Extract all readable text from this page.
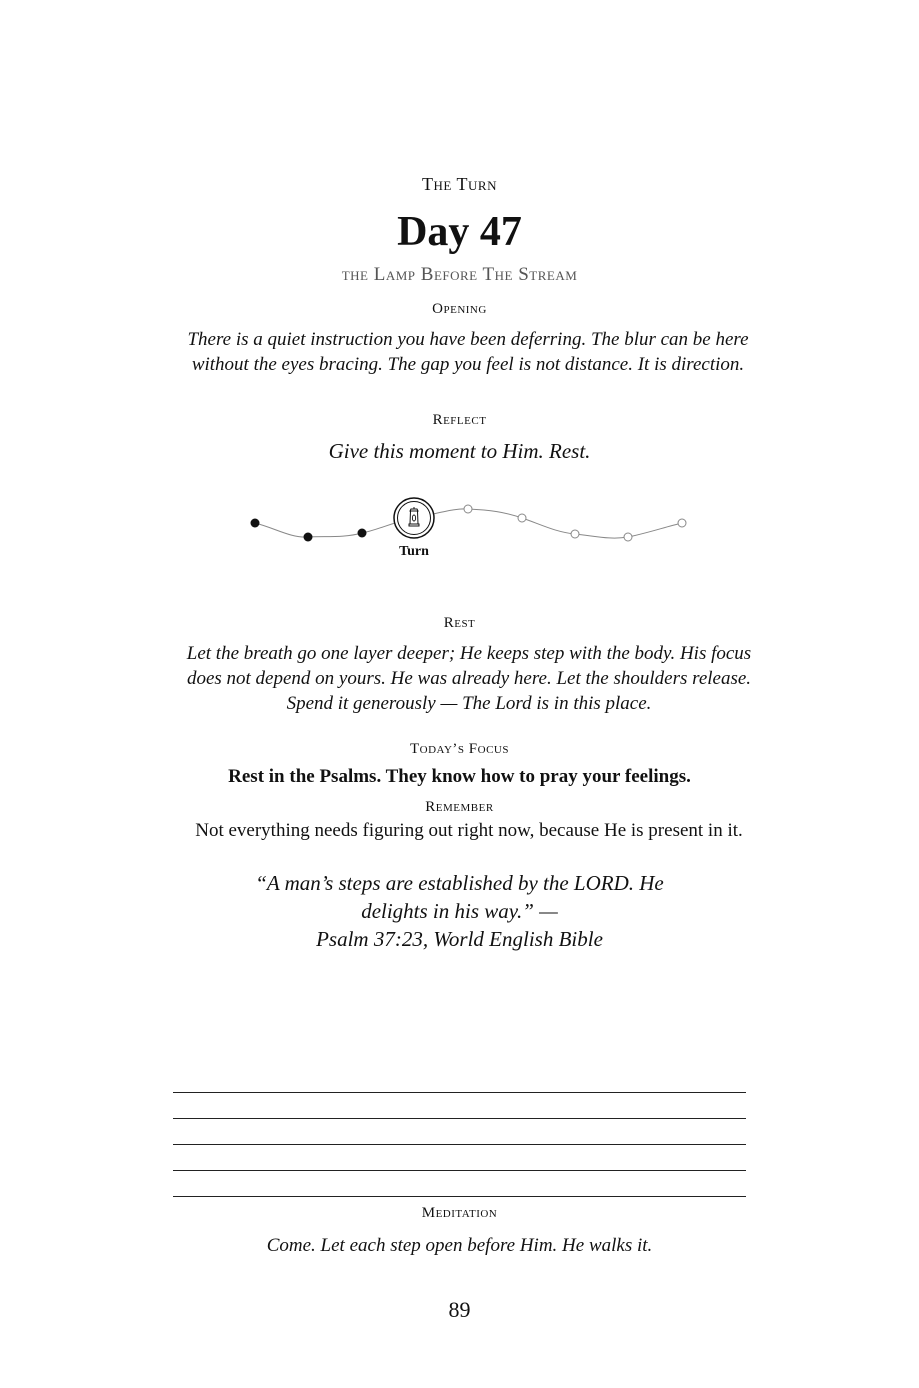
The Turn
Day 47
the Lamp Before The Stream
Opening
There is a quiet instruction you have been deferring. The blur can be here without the eyes bracing. The gap you feel is not distance. It is direction.
Reflect
Give this moment to Him. Rest.
Turn
Rest
Let the breath go one layer deeper; He keeps step with the body. His focus does not depend on yours. He was already here. Let the shoulders release. Spend it generously — The Lord is in this place.
Today’s Focus
Rest in the Psalms. They know how to pray your feelings.
Remember
Not everything needs figuring out right now, because He is present in it.
“A man’s steps are established by the LORD. He
delights in his way.” —
Psalm 37:23, World English Bible
Meditation
Come. Let each step open before Him. He walks it.
89
